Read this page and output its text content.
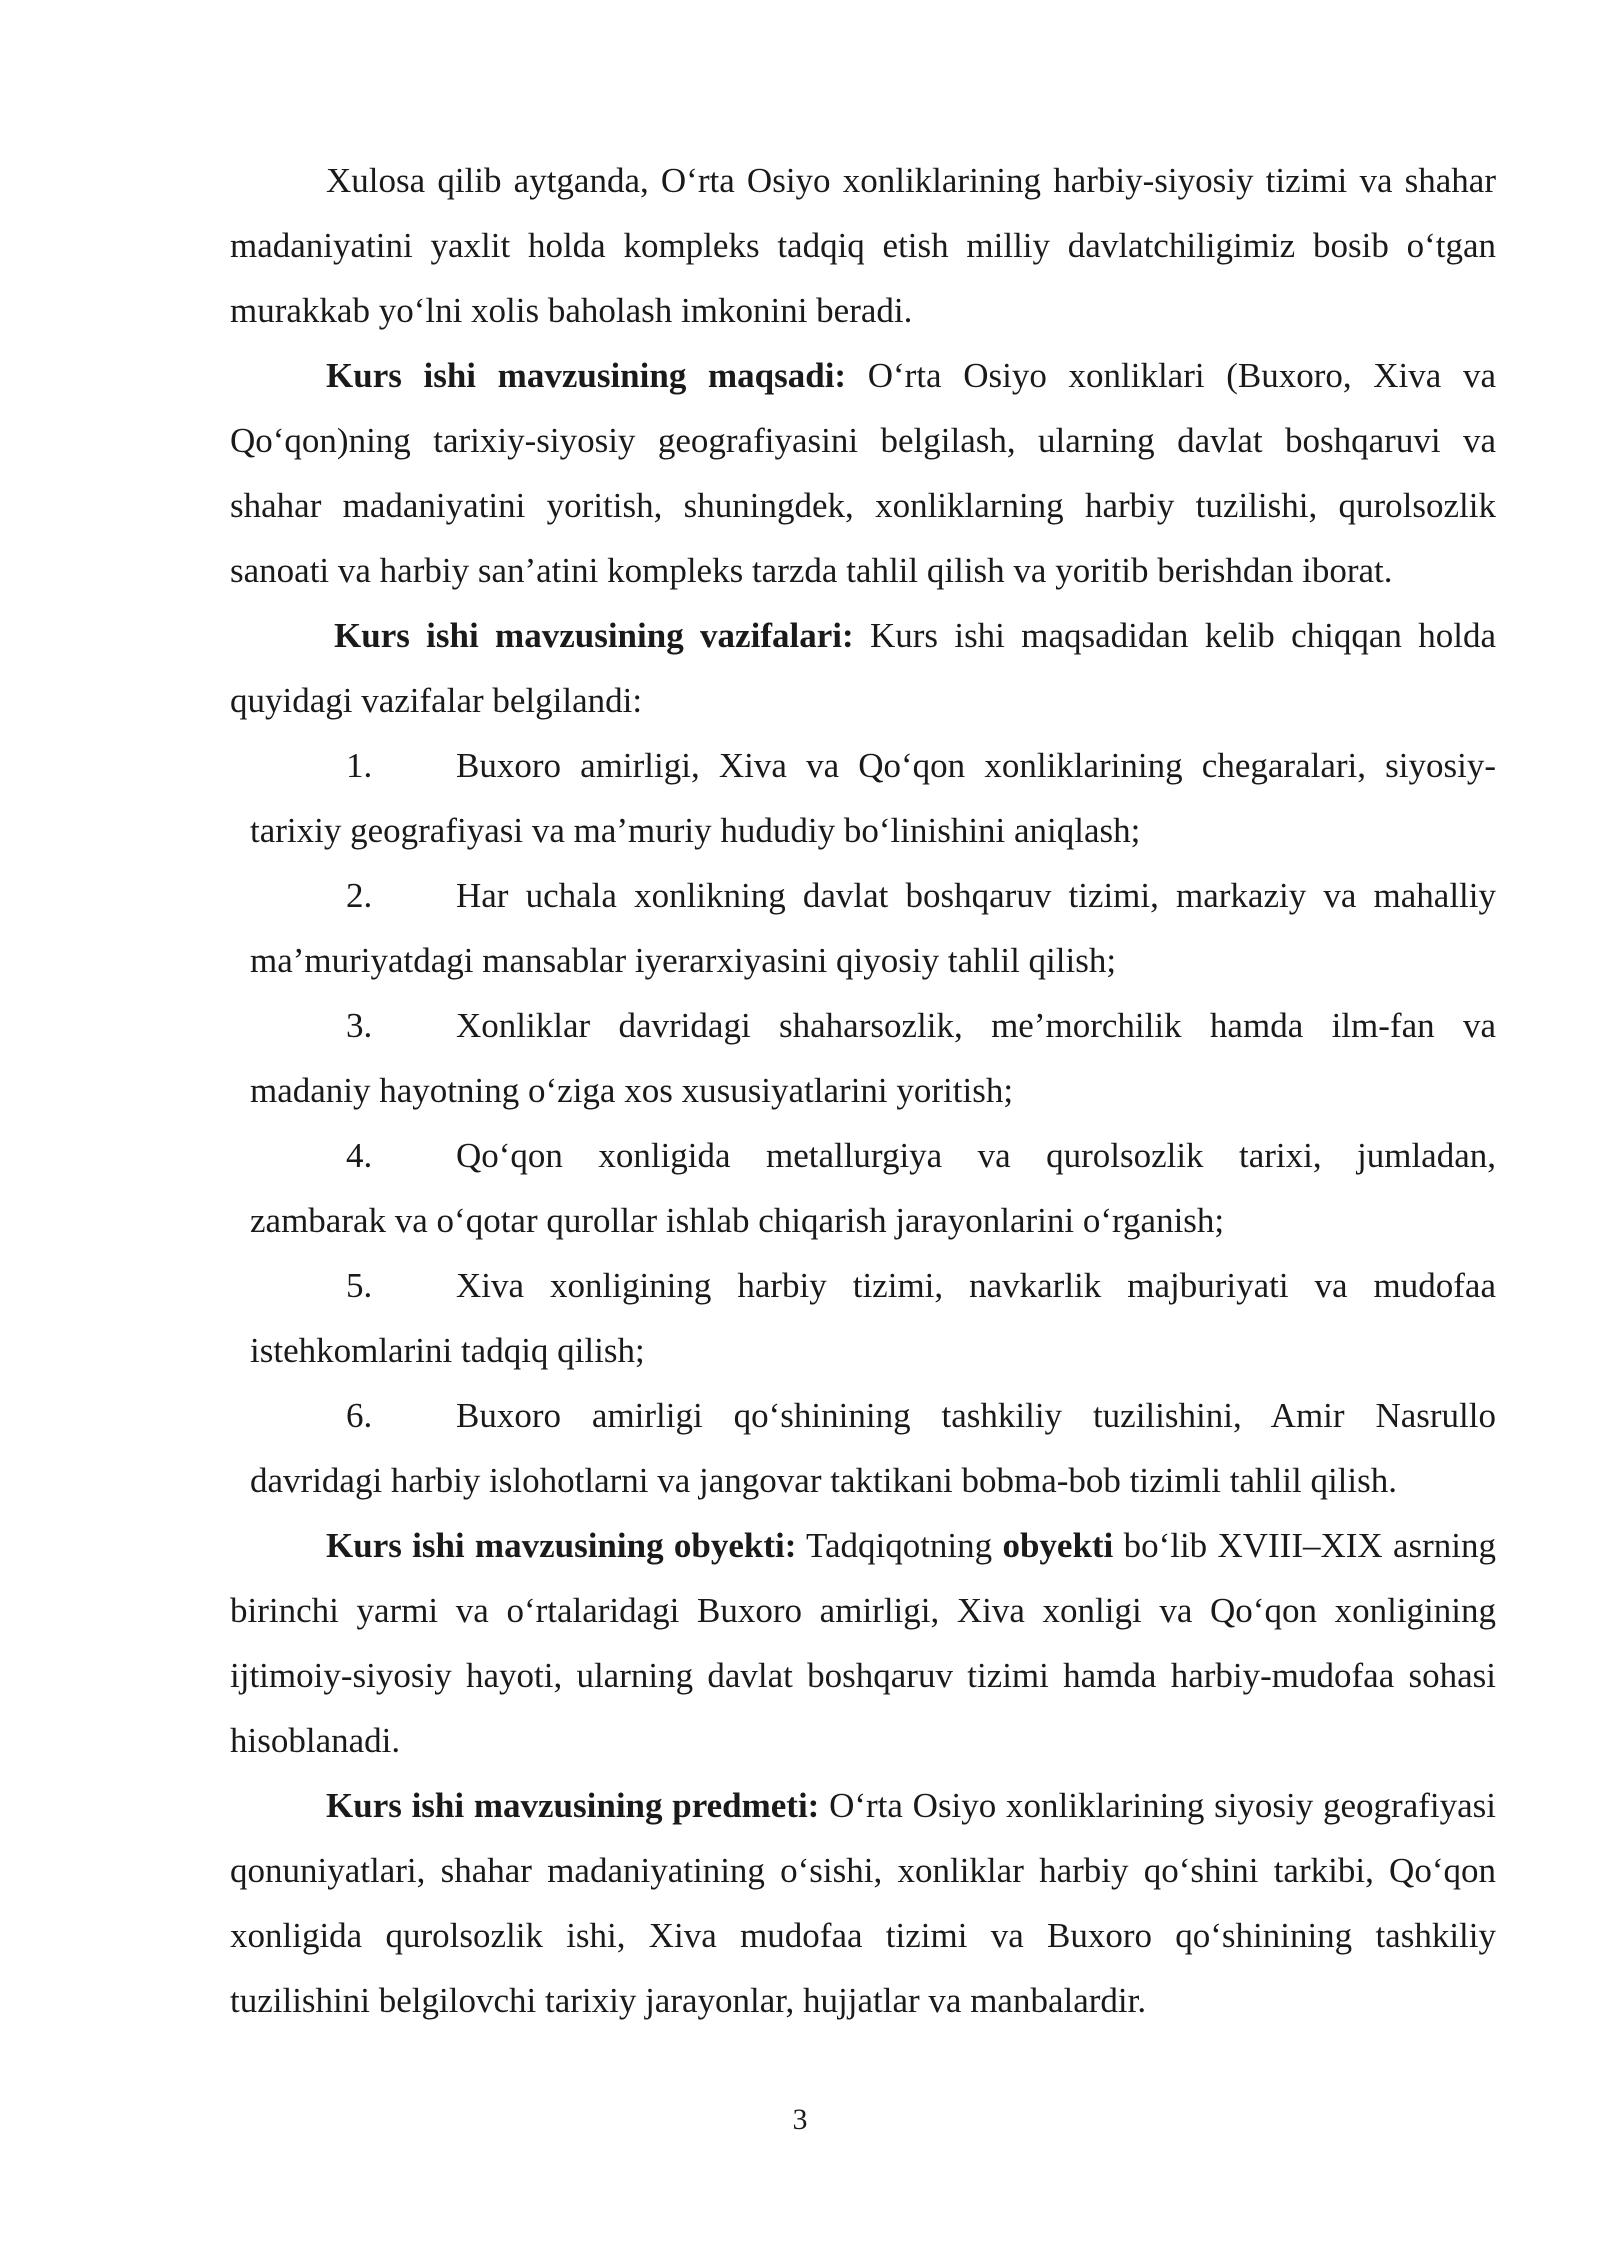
Xulosa qilib aytganda, O‘rta Osiyo xonliklarining harbiy-siyosiy tizimi va shahar madaniyatini yaxlit holda kompleks tadqiq etish milliy davlatchiligimiz bosib o‘tgan murakkab yo‘lni xolis baholash imkonini beradi.

Kurs ishi mavzusining maqsadi: O‘rta Osiyo xonliklari (Buxoro, Xiva va Qo‘qon)ning tarixiy-siyosiy geografiyasini belgilash, ularning davlat boshqaruvi va shahar madaniyatini yoritish, shuningdek, xonliklarning harbiy tuzilishi, qurolsozlik sanoati va harbiy san’atini kompleks tarzda tahlil qilish va yoritib berishdan iborat.

Kurs ishi mavzusining vazifalari: Kurs ishi maqsadidan kelib chiqqan holda quyidagi vazifalar belgilandi:

1. Buxoro amirligi, Xiva va Qo‘qon xonliklarining chegaralari, siyosiy-
tarixiy geografiyasi va ma’muriy hududiy bo‘linishini aniqlash;
2. Har uchala xonlikning davlat boshqaruv tizimi, markaziy va mahalliy
ma’muriyatdagi mansablar iyerarxiyasini qiyosiy tahlil qilish;
3. Xonliklar davridagi shaharsozlik, me’morchilik hamda ilm-fan va
madaniy hayotning o‘ziga xos xususiyatlarini yoritish;
4. Qo‘qon xonligida metallurgiya va qurolsozlik tarixi, jumladan,
zambarak va o‘qotar qurollar ishlab chiqarish jarayonlarini o‘rganish;
5. Xiva xonligining harbiy tizimi, navkarlik majburiyati va mudofaa
istehkomlarini tadqiq qilish;
6. Buxoro amirligi qo‘shinining tashkiliy tuzilishini, Amir Nasrullo
davridagi harbiy islohotlarni va jangovar taktikani bobma-bob tizimli tahlil qilish.

Kurs ishi mavzusining obyekti: Tadqiqotning obyekti bo‘lib XVIII–XIX asrning birinchi yarmi va o‘rtalaridagi Buxoro amirligi, Xiva xonligi va Qo‘qon xonligining ijtimoiy-siyosiy hayoti, ularning davlat boshqaruv tizimi hamda harbiy-mudofaa sohasi hisoblanadi.

Kurs ishi mavzusining predmeti: O‘rta Osiyo xonliklarining siyosiy geografiyasi qonuniyatlari, shahar madaniyatining o‘sishi, xonliklar harbiy qo‘shini tarkibi, Qo‘qon xonligida qurolsozlik ishi, Xiva mudofaa tizimi va Buxoro qo‘shinining tashkiliy tuzilishini belgilovchi tarixiy jarayonlar, hujjatlar va manbalardir.

3
